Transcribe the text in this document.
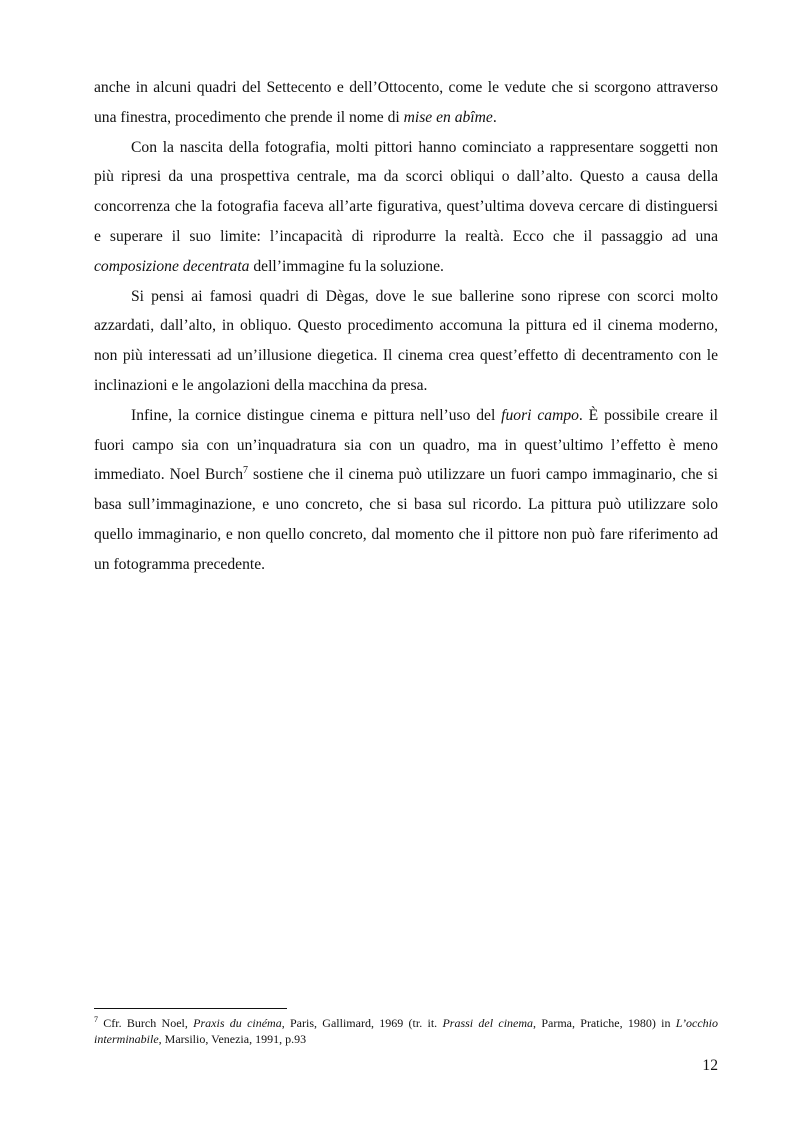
anche in alcuni quadri del Settecento e dell’Ottocento, come le vedute che si scorgono attraverso una finestra, procedimento che prende il nome di mise en abîme.

Con la nascita della fotografia, molti pittori hanno cominciato a rappresentare soggetti non più ripresi da una prospettiva centrale, ma da scorci obliqui o dall’alto. Questo a causa della concorrenza che la fotografia faceva all’arte figurativa, quest’ultima doveva cercare di distinguersi e superare il suo limite: l’incapacità di riprodurre la realtà. Ecco che il passaggio ad una composizione decentrata dell’immagine fu la soluzione.

Si pensi ai famosi quadri di Dègas, dove le sue ballerine sono riprese con scorci molto azzardati, dall’alto, in obliquo. Questo procedimento accomuna la pittura ed il cinema moderno, non più interessati ad un’illusione diegetica. Il cinema crea quest’effetto di decentramento con le inclinazioni e le angolazioni della macchina da presa.

Infine, la cornice distingue cinema e pittura nell’uso del fuori campo. È possibile creare il fuori campo sia con un’inquadratura sia con un quadro, ma in quest’ultimo l’effetto è meno immediato. Noel Burch$^7$ sostiene che il cinema può utilizzare un fuori campo immaginario, che si basa sull’immaginazione, e uno concreto, che si basa sul ricordo. La pittura può utilizzare solo quello immaginario, e non quello concreto, dal momento che il pittore non può fare riferimento ad un fotogramma precedente.

$^7$ Cfr. Burch Noel, Praxis du cinéma, Paris, Gallimard, 1969 (tr. it. Prassi del cinema, Parma, Pratiche, 1980) in L’occhio interminabile, Marsilio, Venezia, 1991, p.93
12
